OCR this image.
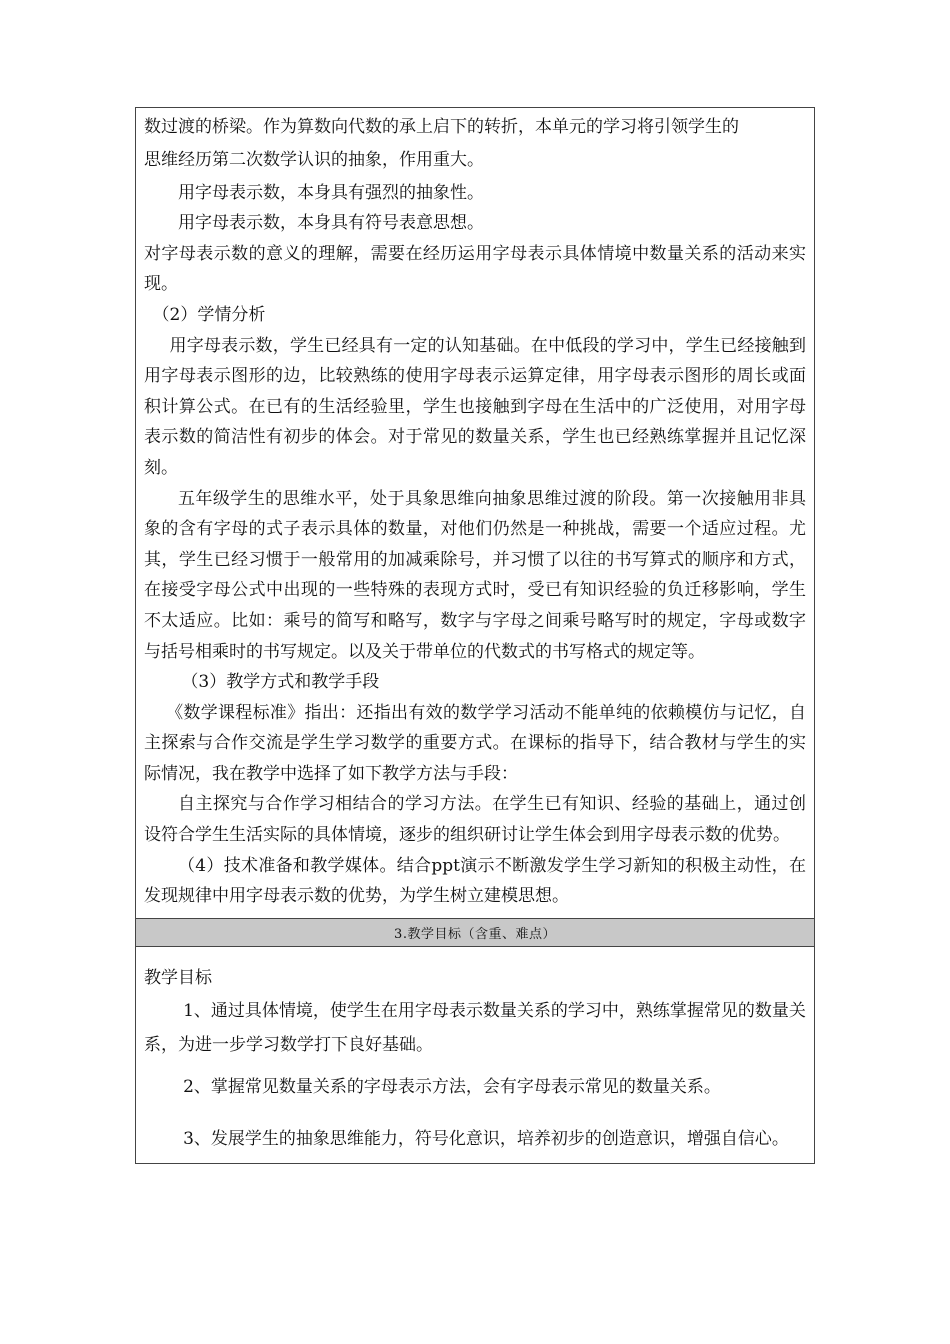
数过渡的桥梁。作为算数向代数的承上启下的转折，本单元的学习将引领学生的

思维经历第二次数学认识的抽象，作用重大。

用字母表示数，本身具有强烈的抽象性。

用字母表示数，本身具有符号表意思想。

对字母表示数的意义的理解，需要在经历运用字母表示具体情境中数量关系的活动来实现。

（2）学情分析

用字母表示数，学生已经具有一定的认知基础。在中低段的学习中，学生已经接触到用字母表示图形的边，比较熟练的使用字母表示运算定律，用字母表示图形的周长或面积计算公式。在已有的生活经验里，学生也接触到字母在生活中的广泛使用，对用字母表示数的简洁性有初步的体会。对于常见的数量关系，学生也已经熟练掌握并且记忆深刻。

五年级学生的思维水平，处于具象思维向抽象思维过渡的阶段。第一次接触用非具象的含有字母的式子表示具体的数量，对他们仍然是一种挑战，需要一个适应过程。尤其，学生已经习惯于一般常用的加减乘除号，并习惯了以往的书写算式的顺序和方式，在接受字母公式中出现的一些特殊的表现方式时，受已有知识经验的负迁移影响，学生不太适应。比如：乘号的简写和略写，数字与字母之间乘号略写时的规定，字母或数字与括号相乘时的书写规定。以及关于带单位的代数式的书写格式的规定等。

（3）教学方式和教学手段

《数学课程标准》指出：还指出有效的数学学习活动不能单纯的依赖模仿与记忆，自主探索与合作交流是学生学习数学的重要方式。在课标的指导下，结合教材与学生的实际情况，我在教学中选择了如下教学方法与手段：

自主探究与合作学习相结合的学习方法。在学生已有知识、经验的基础上，通过创设符合学生生活实际的具体情境，逐步的组织研讨让学生体会到用字母表示数的优势。

（4）技术准备和教学媒体。结合ppt演示不断激发学生学习新知的积极主动性，在发现规律中用字母表示数的优势，为学生树立建模思想。

3.教学目标（含重、难点）

教学目标

1、通过具体情境，使学生在用字母表示数量关系的学习中，熟练掌握常见的数量关系，为进一步学习数学打下良好基础。

2、掌握常见数量关系的字母表示方法，会有字母表示常见的数量关系。

3、发展学生的抽象思维能力，符号化意识，培养初步的创造意识，增强自信心。
